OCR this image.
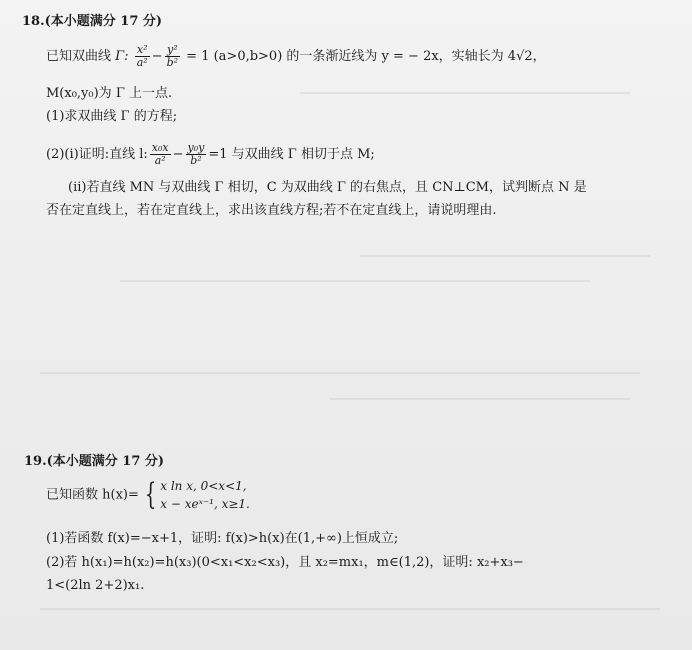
18.(本小题满分 17 分)
已知双曲线 Γ: $\frac{\text{x²}}{\text{a²}} - \frac{\text{y²}}{\text{b²}} = 1$ (a>0,b>0) 的一条渐近线为 y = − 2x，实轴长为 4√2，
M(x₀,y₀)为 Γ 上一点.
(1)求双曲线 Γ 的方程;
(2)(i)证明:直线 l: $\frac{\text{x₀x}}{\text{a²}} - \frac{\text{y₀y}}{\text{b²}} =1$ 与双曲线 Γ 相切于点 M;
(ii)若直线 MN 与双曲线 Γ 相切，C 为双曲线 Γ 的右焦点，且 CN⊥CM，试判断点 N 是
否在定直线上，若在定直线上，求出该直线方程;若不在定直线上，请说明理由.
19.(本小题满分 17 分)
已知函数 h(x)= { x ln x, 0<x<1,
x − xeˣ⁻¹, x≥1.
(1)若函数 f(x)=−x+1，证明: f(x)>h(x)在(1,+∞)上恒成立;
(2)若 h(x₁)=h(x₂)=h(x₃)(0<x₁<x₂<x₃)，且 x₂=mx₁，m∈(1,2)，证明: x₂+x₃−
1<(2ln 2+2)x₁.
